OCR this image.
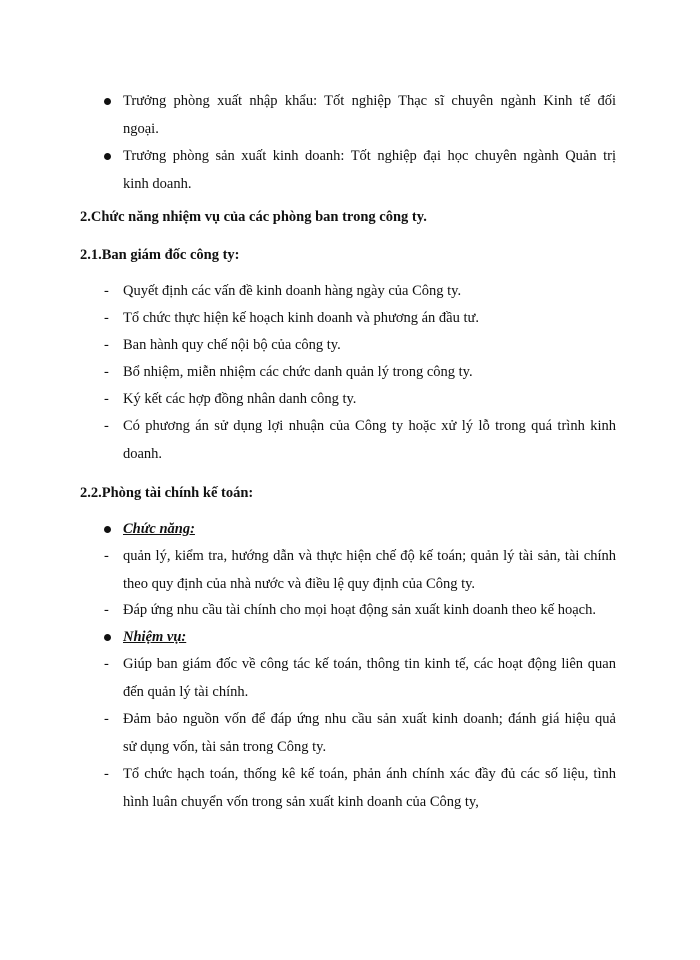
Trưởng phòng xuất nhập khẩu: Tốt nghiệp Thạc sĩ chuyên ngành Kinh tế đối
ngoại.
Trưởng phòng sản xuất kinh doanh: Tốt nghiệp đại học chuyên ngành Quản trị
kinh doanh.
2.Chức năng nhiệm vụ của các phòng ban trong công ty.
2.1.Ban giám đốc công ty:
- Quyết định các vấn đề kinh doanh hàng ngày của Công ty.
- Tổ chức thực hiện kế hoạch kinh doanh và phương án đầu tư.
- Ban hành quy chế nội bộ của công ty.
- Bổ nhiệm, miễn nhiệm các chức danh quản lý trong công ty.
- Ký kết các hợp đồng nhân danh công ty.
- Có phương án sử dụng lợi nhuận của Công ty hoặc xử lý lỗ trong quá trình kinh
doanh.
2.2.Phòng tài chính kế toán:
Chức năng:
- quản lý, kiểm tra, hướng dẫn và thực hiện chế độ kế toán; quản lý tài sản, tài chính
theo quy định của nhà nước và điều lệ quy định của Công ty.
- Đáp ứng nhu cầu tài chính cho mọi hoạt động sản xuất kinh doanh theo kế hoạch.
Nhiệm vụ:
- Giúp ban giám đốc về công tác kế toán, thông tin kinh tế, các hoạt động liên quan
đến quản lý tài chính.
- Đảm bảo nguồn vốn để đáp ứng nhu cầu sản xuất kinh doanh; đánh giá hiệu quả
sử dụng vốn, tài sản trong Công ty.
- Tổ chức hạch toán, thống kê kế toán, phản ánh chính xác đầy đủ các số liệu, tình
hình luân chuyển vốn trong sản xuất kinh doanh của Công ty,
